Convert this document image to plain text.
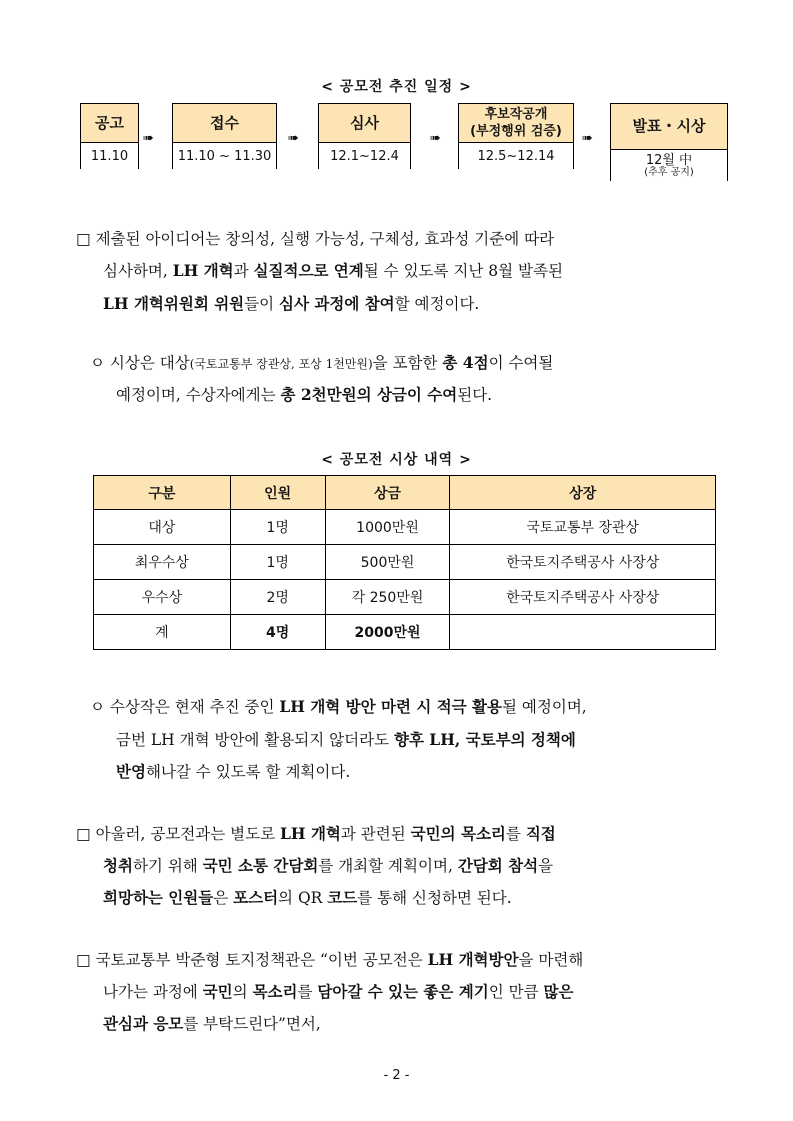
< 공모전 추진 일정 >
공고
11.10
➠
접수
11.10 ~ 11.30
➠
심사
12.1~12.4
➠
후보작공개
(부정행위 검증)
12.5~12.14
➠
발표・시상
12월 中
(추후 공지)
□ 제출된 아이디어는 창의성, 실행 가능성, 구체성, 효과성 기준에 따라
심사하며, LH 개혁과 실질적으로 연계될 수 있도록 지난 8월 발족된
LH 개혁위원회 위원들이 심사 과정에 참여할 예정이다.
ㅇ 시상은 대상(국토교통부 장관상, 포상 1천만원)을 포함한 총 4점이 수여될
예정이며, 수상자에게는 총 2천만원의 상금이 수여된다.
< 공모전 시상 내역 >
구분	인원	상금	상장
대상	1명	1000만원	국토교통부 장관상
최우수상	1명	500만원	한국토지주택공사 사장상
우수상	2명	각 250만원	한국토지주택공사 사장상
계	4명	2000만원	
ㅇ 수상작은 현재 추진 중인 LH 개혁 방안 마련 시 적극 활용될 예정이며,
금번 LH 개혁 방안에 활용되지 않더라도 향후 LH, 국토부의 정책에
반영해나갈 수 있도록 할 계획이다.
□ 아울러, 공모전과는 별도로 LH 개혁과 관련된 국민의 목소리를 직접
청취하기 위해 국민 소통 간담회를 개최할 계획이며, 간담회 참석을
희망하는 인원들은 포스터의 QR 코드를 통해 신청하면 된다.
□ 국토교통부 박준형 토지정책관은 “이번 공모전은 LH 개혁방안을 마련해
나가는 과정에 국민의 목소리를 담아갈 수 있는 좋은 계기인 만큼 많은
관심과 응모를 부탁드린다”면서,
- 2 -
